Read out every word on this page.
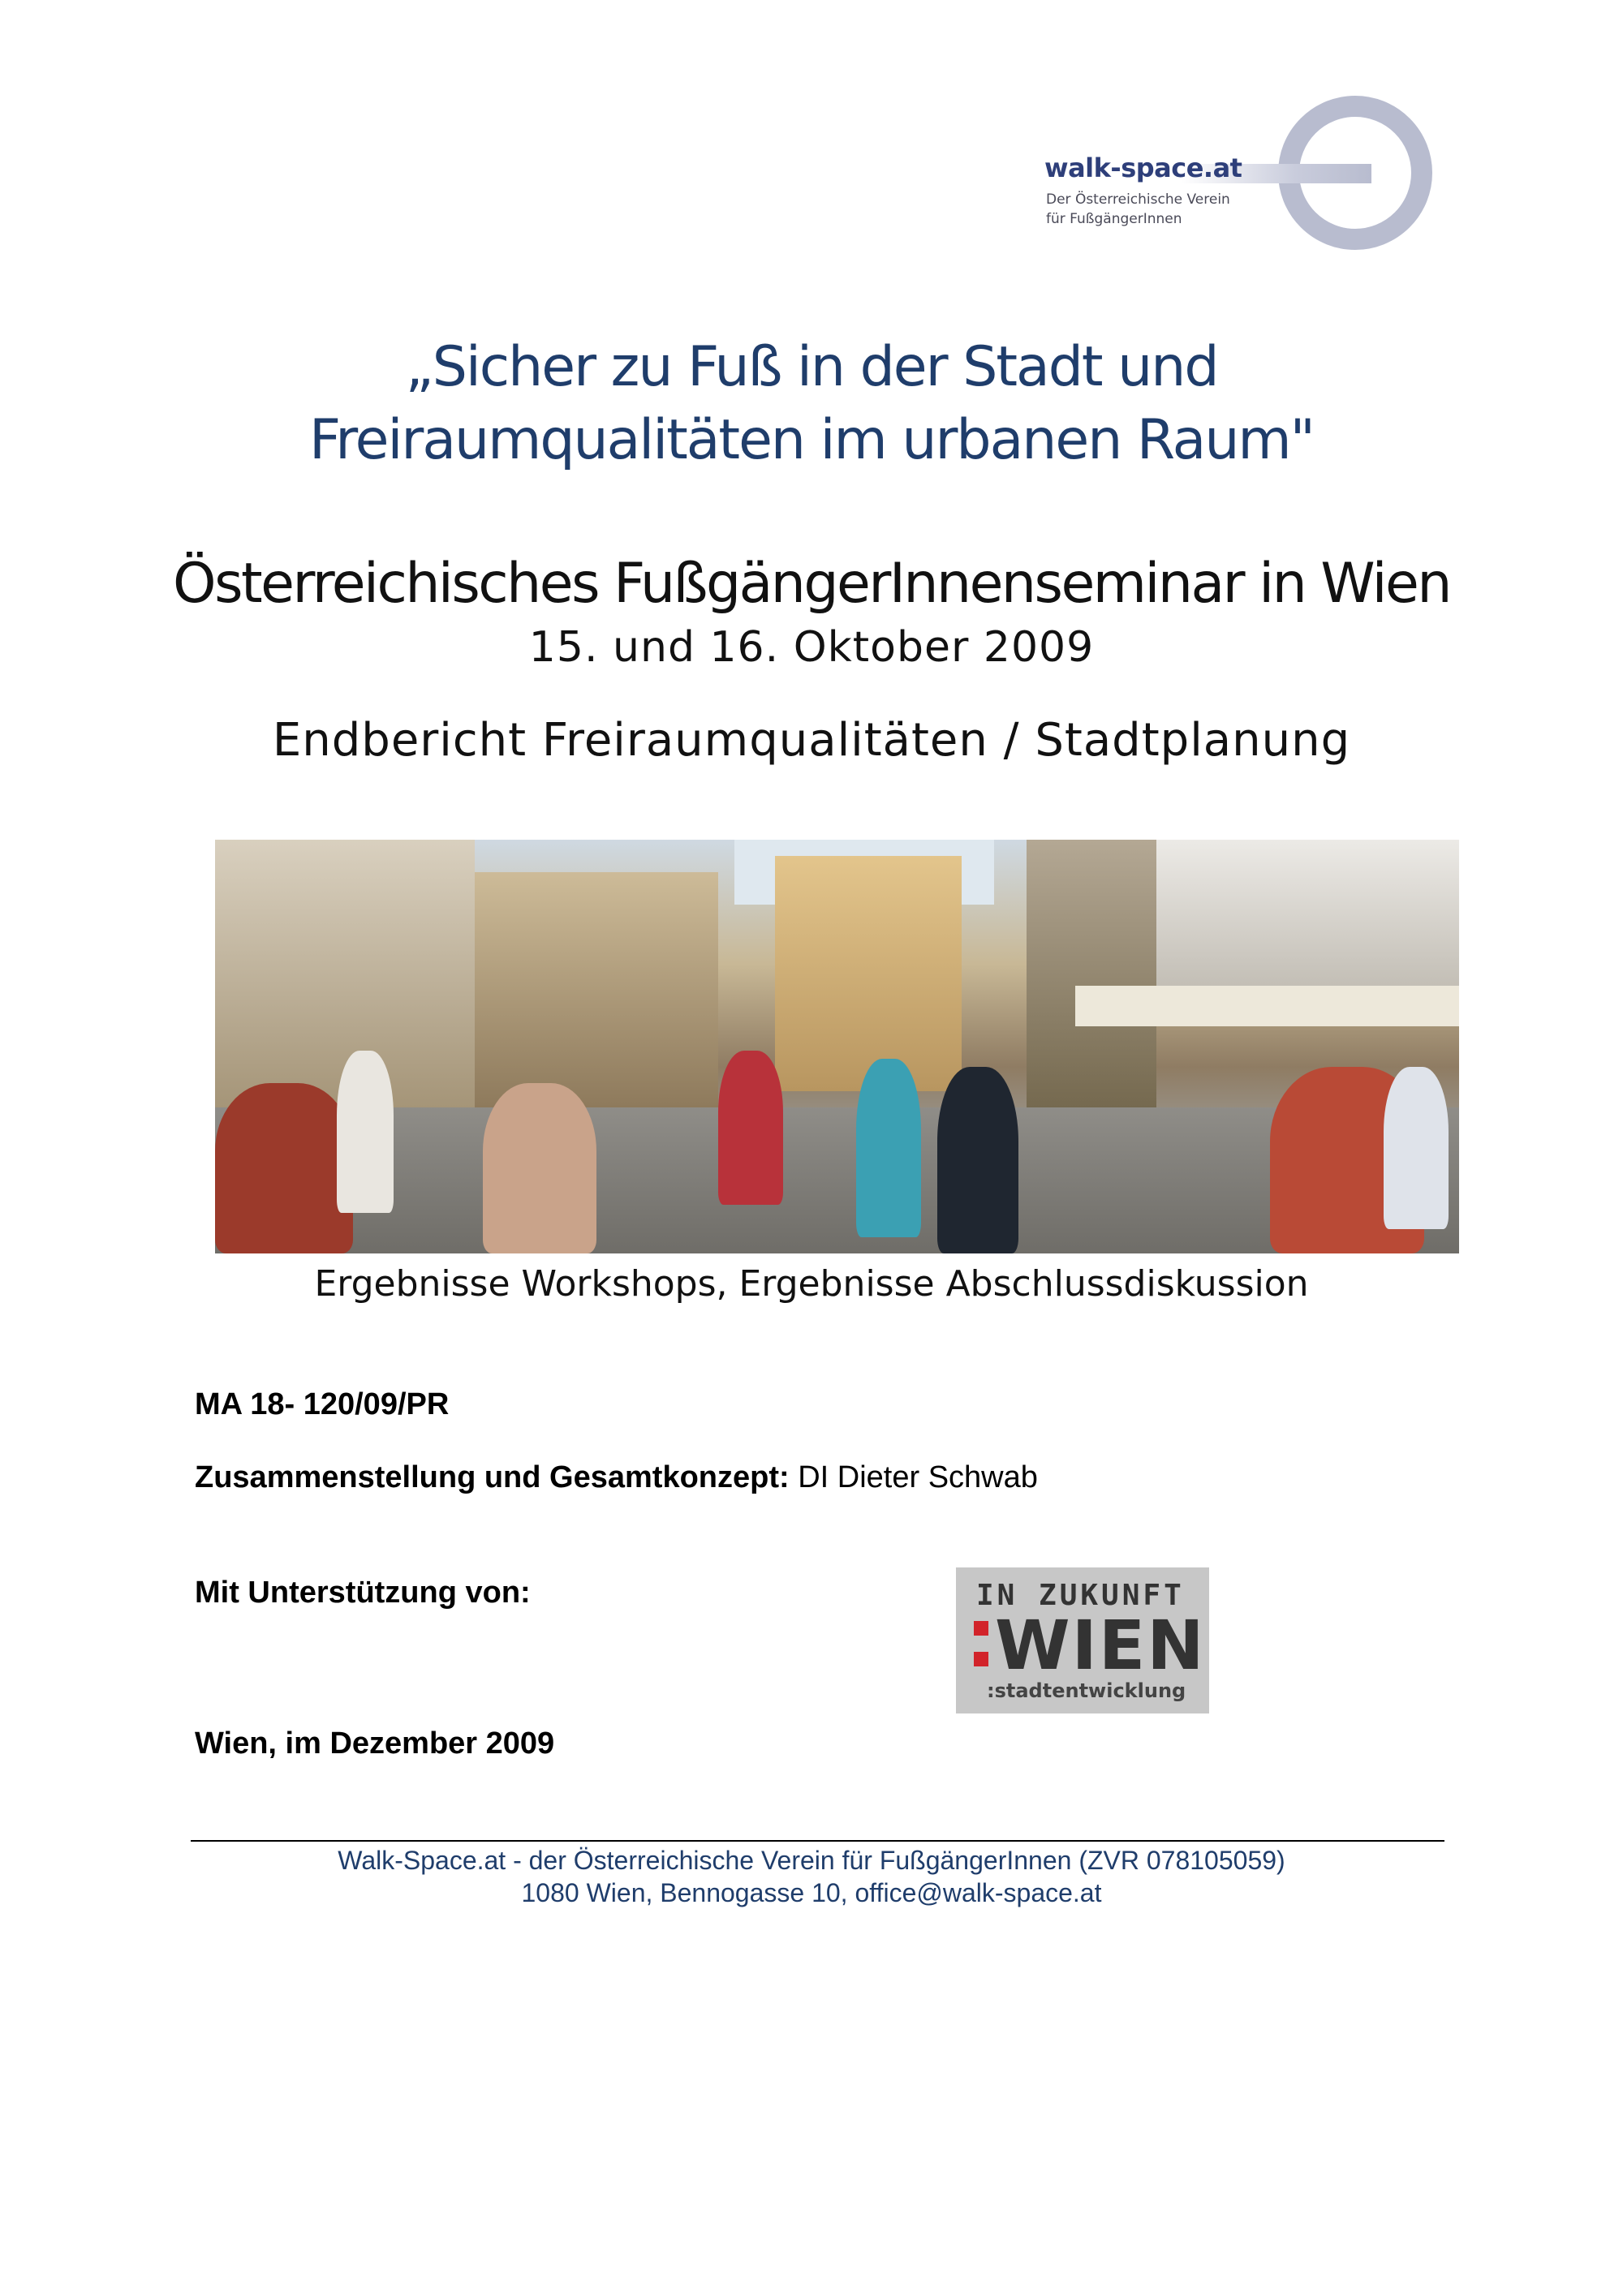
walk-space.at
Der Österreichische Verein
für FußgängerInnen
„Sicher zu Fuß in der Stadt und
Freiraumqualitäten im urbanen Raum"
Österreichisches FußgängerInnenseminar in Wien
15. und 16. Oktober 2009
Endbericht Freiraumqualitäten / Stadtplanung
Ergebnisse Workshops, Ergebnisse Abschlussdiskussion
MA 18- 120/09/PR
Zusammenstellung und Gesamtkonzept: DI Dieter Schwab
Mit Unterstützung von:	IN ZUKUNFT
WIEN
:stadtentwicklung
Wien, im Dezember 2009
Walk-Space.at - der Österreichische Verein für FußgängerInnen (ZVR 078105059)
1080 Wien, Bennogasse 10, office@walk-space.at
